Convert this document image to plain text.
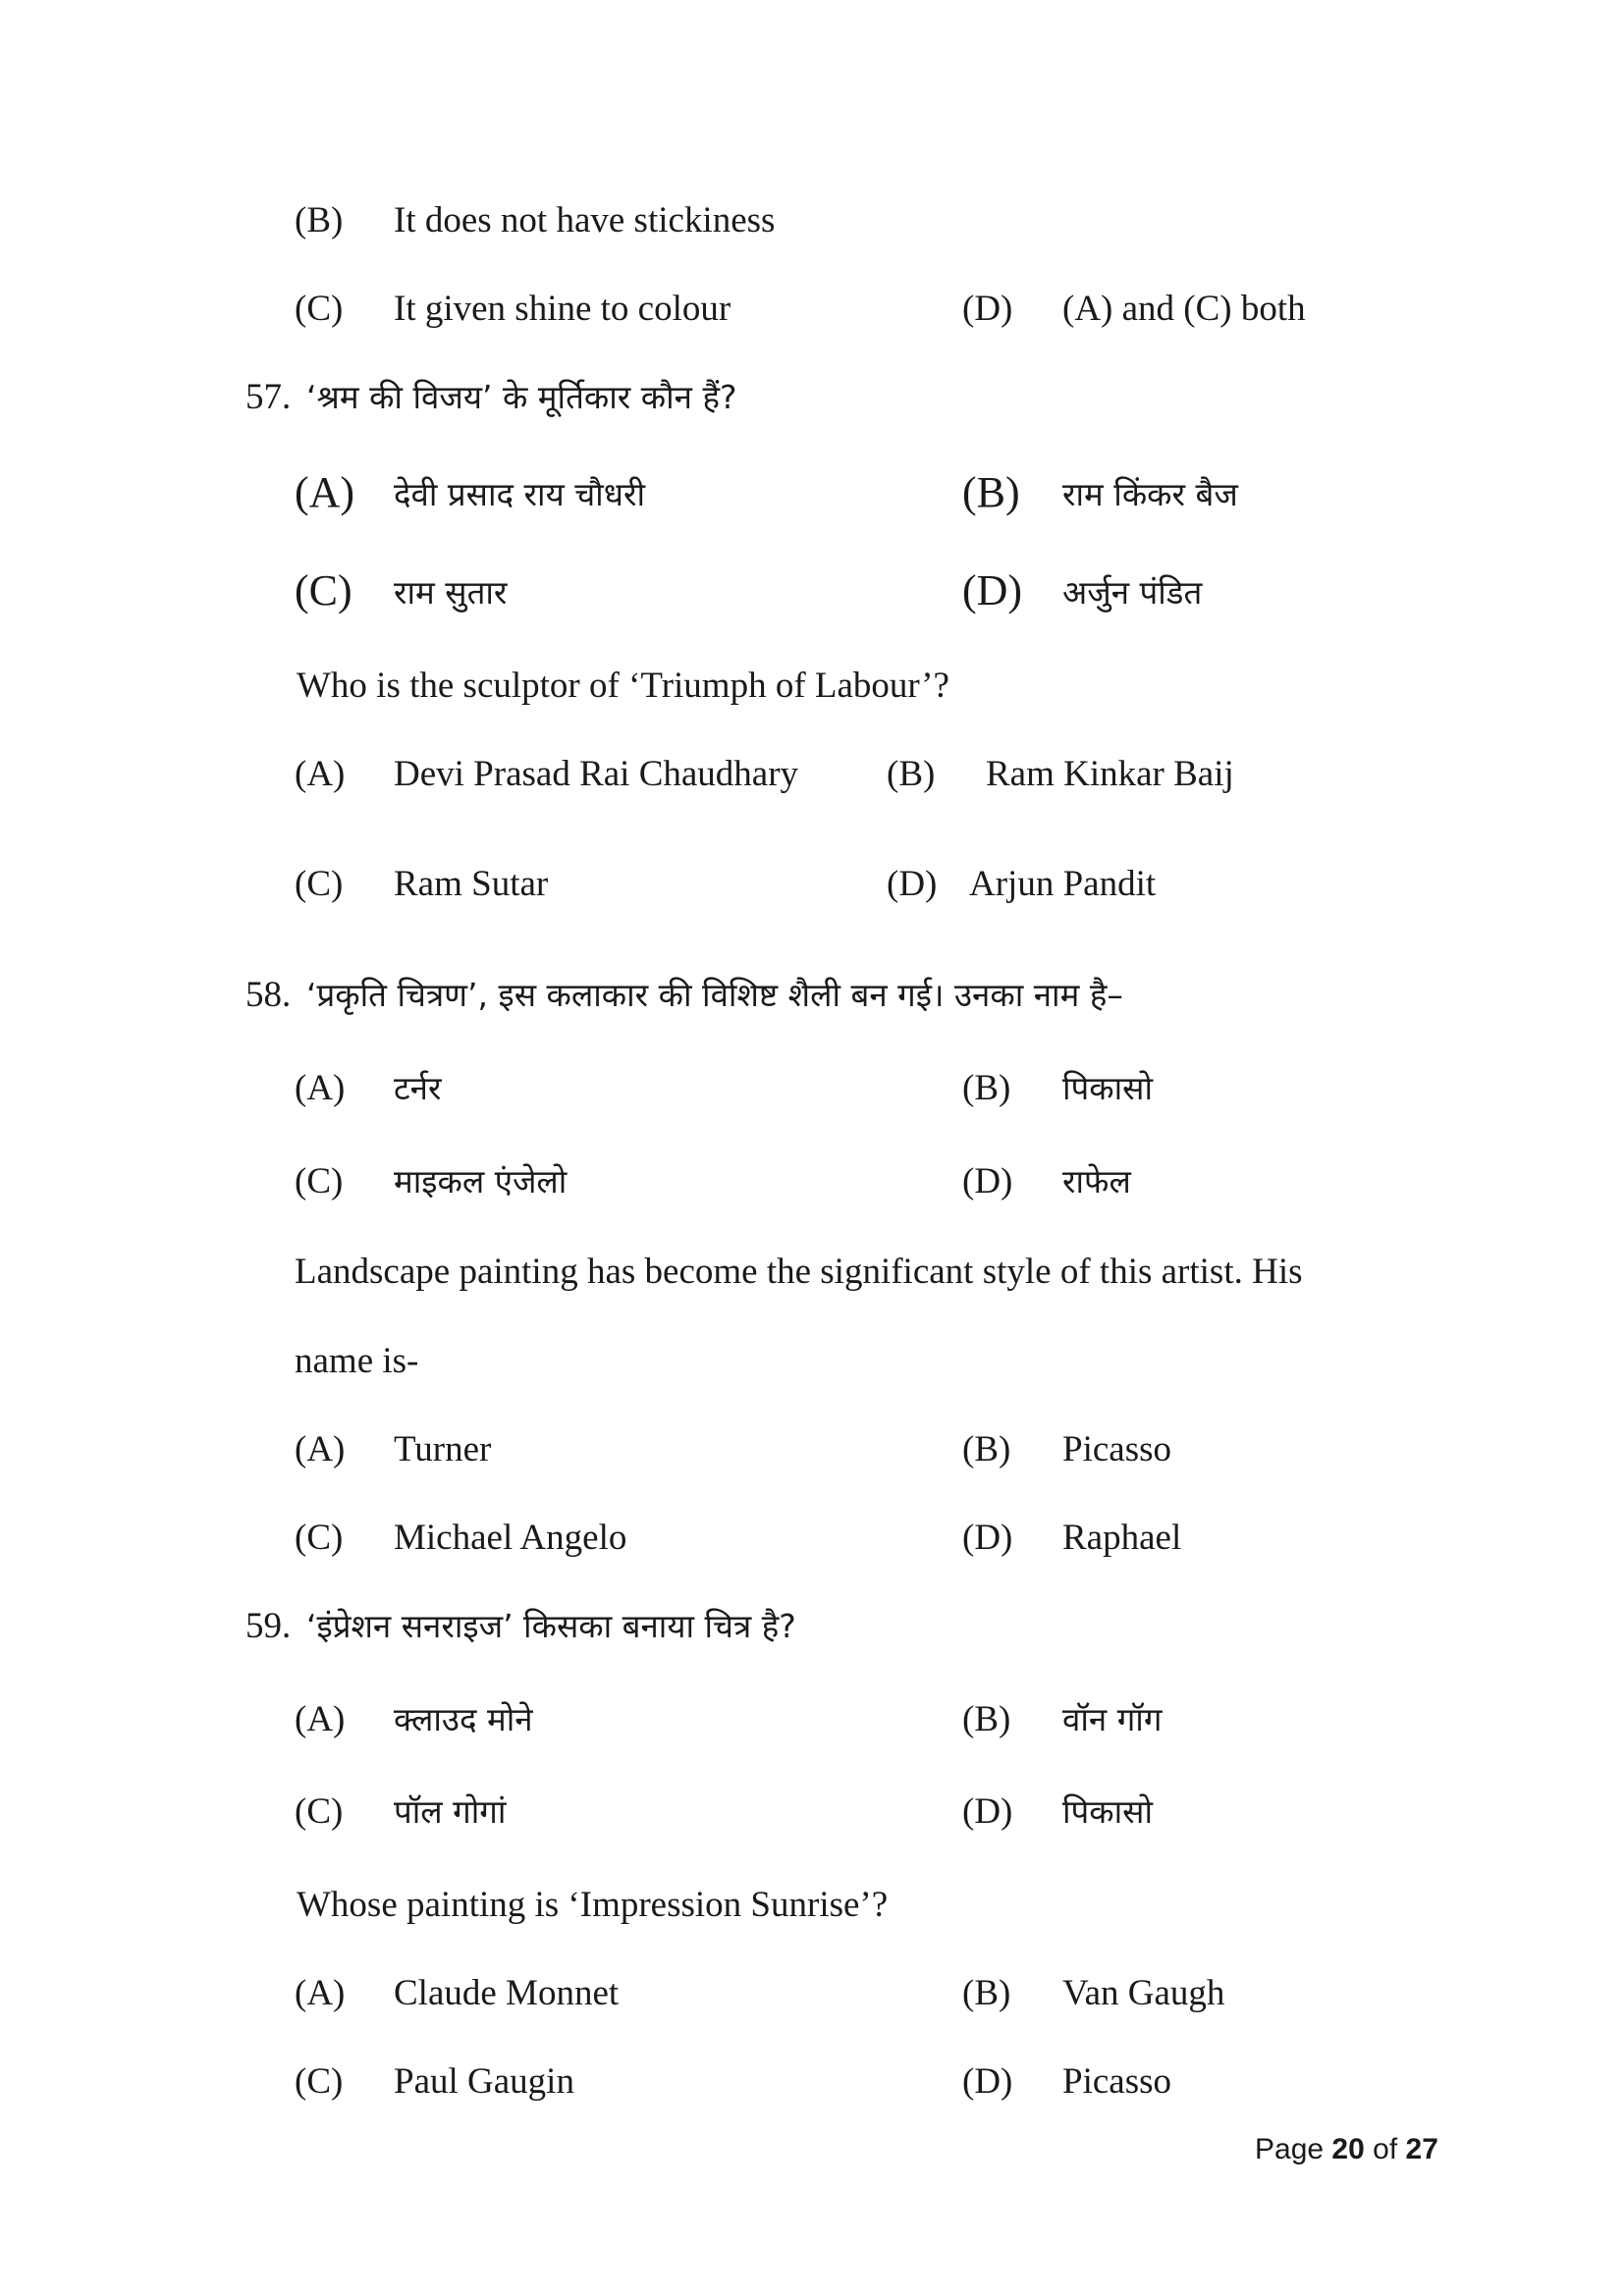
(B) It does not have stickiness
(C) It given shine to colour	(D) (A) and (C) both
57. ‘श्रम की विजय’ के मूर्तिकार कौन हैं?
(A) देवी प्रसाद राय चौधरी	(B) राम किंकर बैज
(C) राम सुतार	(D) अर्जुन पंडित
Who is the sculptor of ‘Triumph of Labour’?
(A) Devi Prasad Rai Chaudhary (B) Ram Kinkar Baij
(C) Ram Sutar	(D) Arjun Pandit
58. ‘प्रकृति चित्रण’, इस कलाकार की विशिष्ट शैली बन गई। उनका नाम है–
(A) टर्नर	(B) पिकासो
(C) माइकल एंजेलो	(D) राफेल
Landscape painting has become the significant style of this artist. His
name is-
(A) Turner	(B) Picasso
(C) Michael Angelo	(D) Raphael
59. ‘इंप्रेशन सनराइज’ किसका बनाया चित्र है?
(A) क्लाउद मोने	(B) वॉन गॉग
(C) पॉल गोगां	(D) पिकासो
Whose painting is ‘Impression Sunrise’?
(A) Claude Monnet	(B) Van Gaugh
(C) Paul Gaugin	(D) Picasso
Page 20 of 27
